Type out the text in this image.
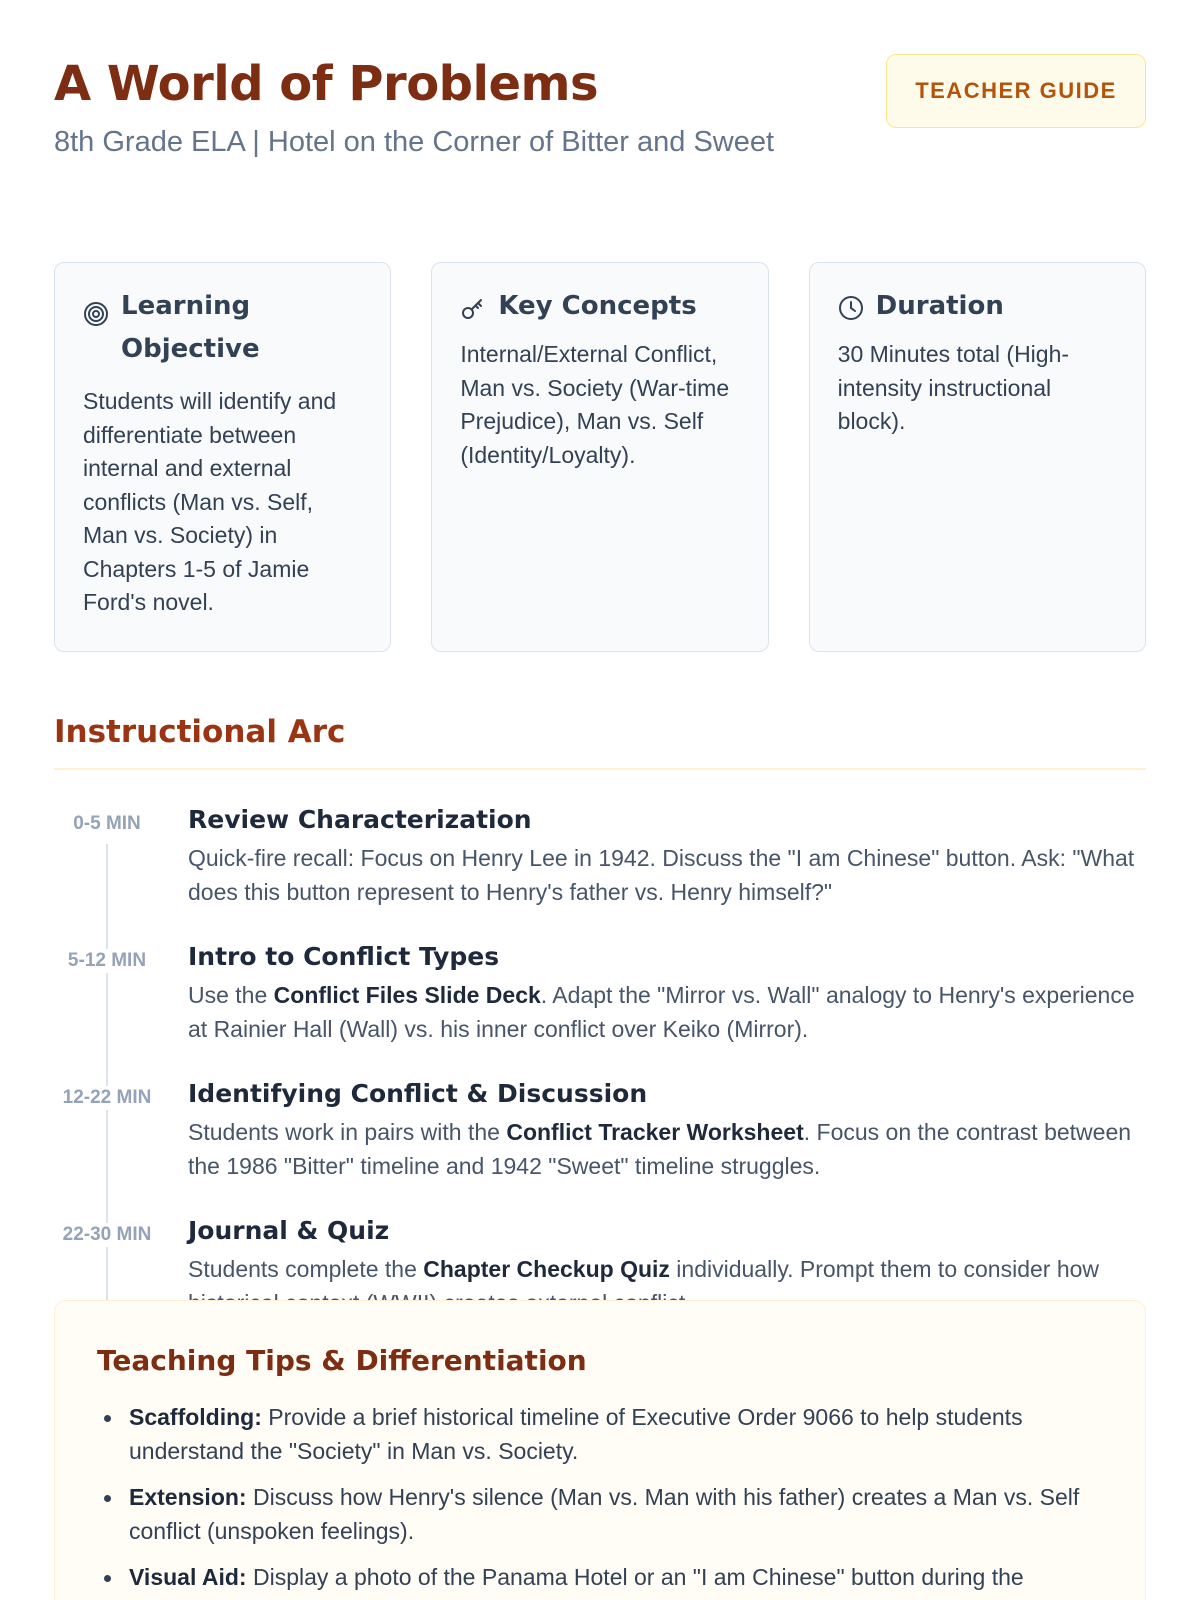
A World of Problems
8th Grade ELA | Hotel on the Corner of Bitter and Sweet
TEACHER GUIDE
Learning Objective
Students will identify and differentiate between internal and external conflicts (Man vs. Self, Man vs. Society) in Chapters 1-5 of Jamie Ford's novel.
Key Concepts
Internal/External Conflict, Man vs. Society (War-time Prejudice), Man vs. Self (Identity/Loyalty).
Duration
30 Minutes total (High-intensity instructional block).
Instructional Arc
0-5 MIN	Review Characterization
Quick-fire recall: Focus on Henry Lee in 1942. Discuss the "I am Chinese" button. Ask: "What does this button represent to Henry's father vs. Henry himself?"
5-12 MIN	Intro to Conflict Types
Use the Conflict Files Slide Deck. Adapt the "Mirror vs. Wall" analogy to Henry's experience at Rainier Hall (Wall) vs. his inner conflict over Keiko (Mirror).
12-22 MIN	Identifying Conflict & Discussion
Students work in pairs with the Conflict Tracker Worksheet. Focus on the contrast between the 1986 "Bitter" timeline and 1942 "Sweet" timeline struggles.
22-30 MIN	Journal & Quiz
Students complete the Chapter Checkup Quiz individually. Prompt them to consider how
Teaching Tips & Differentiation
Scaffolding: Provide a brief historical timeline of Executive Order 9066 to help students understand the "Society" in Man vs. Society.
Extension: Discuss how Henry's silence (Man vs. Man with his father) creates a Man vs. Self conflict (unspoken feelings).
Visual Aid: Display a photo of the Panama Hotel or an "I am Chinese" button during the
